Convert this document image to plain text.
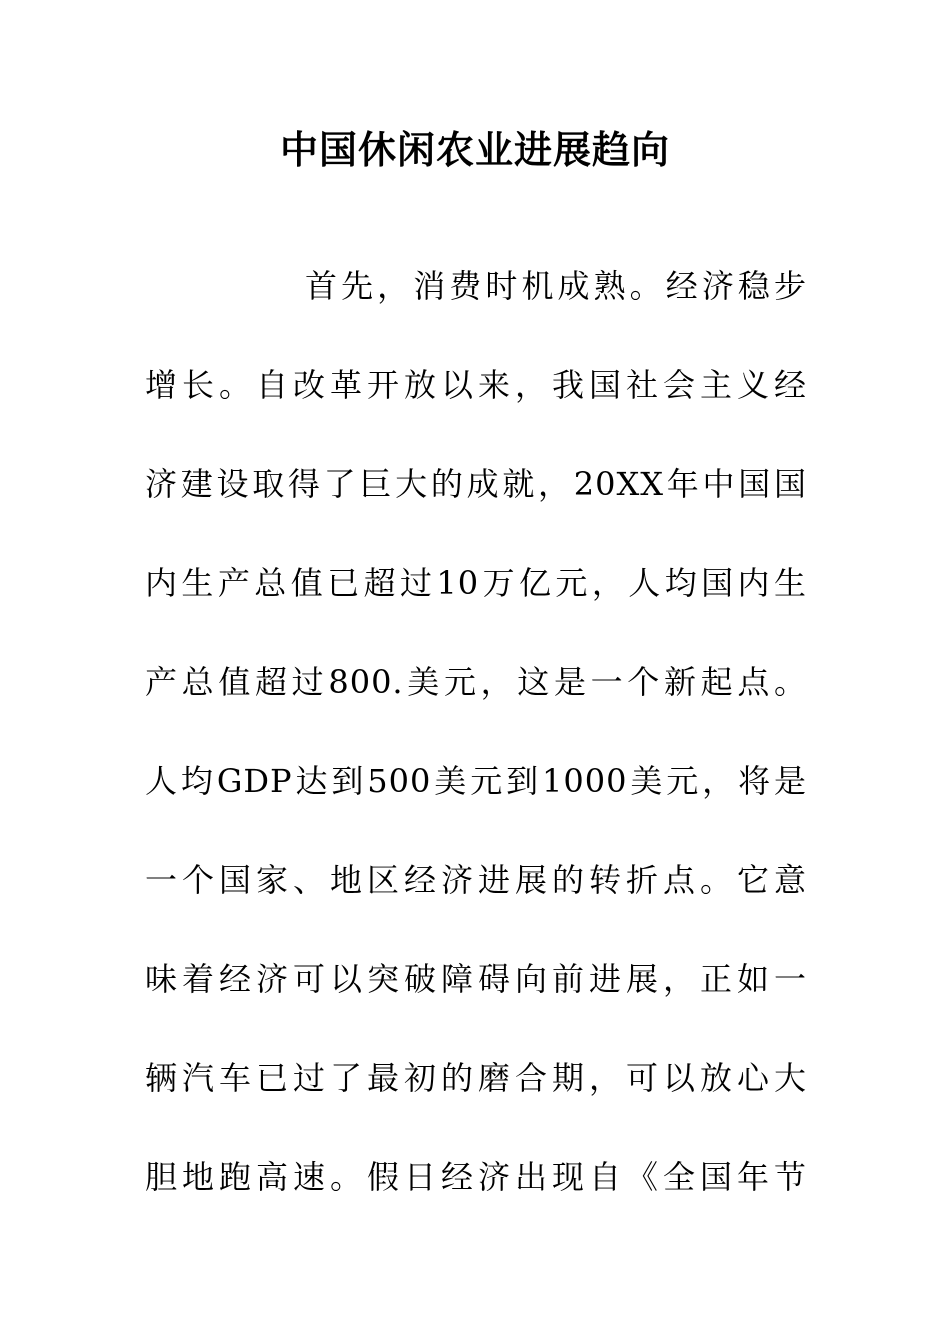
中国休闲农业进展趋向
首先，消费时机成熟。经济稳步
增长。自改革开放以来，我国社会主义经
济建设取得了巨大的成就，20XX年中国国
内生产总值已超过10万亿元，人均国内生
产总值超过800.美元，这是一个新起点。
人均GDP达到500美元到1000美元，将是
一个国家、地区经济进展的转折点。它意
味着经济可以突破障碍向前进展，正如一
辆汽车已过了最初的磨合期，可以放心大
胆地跑高速。假日经济出现自《全国年节
